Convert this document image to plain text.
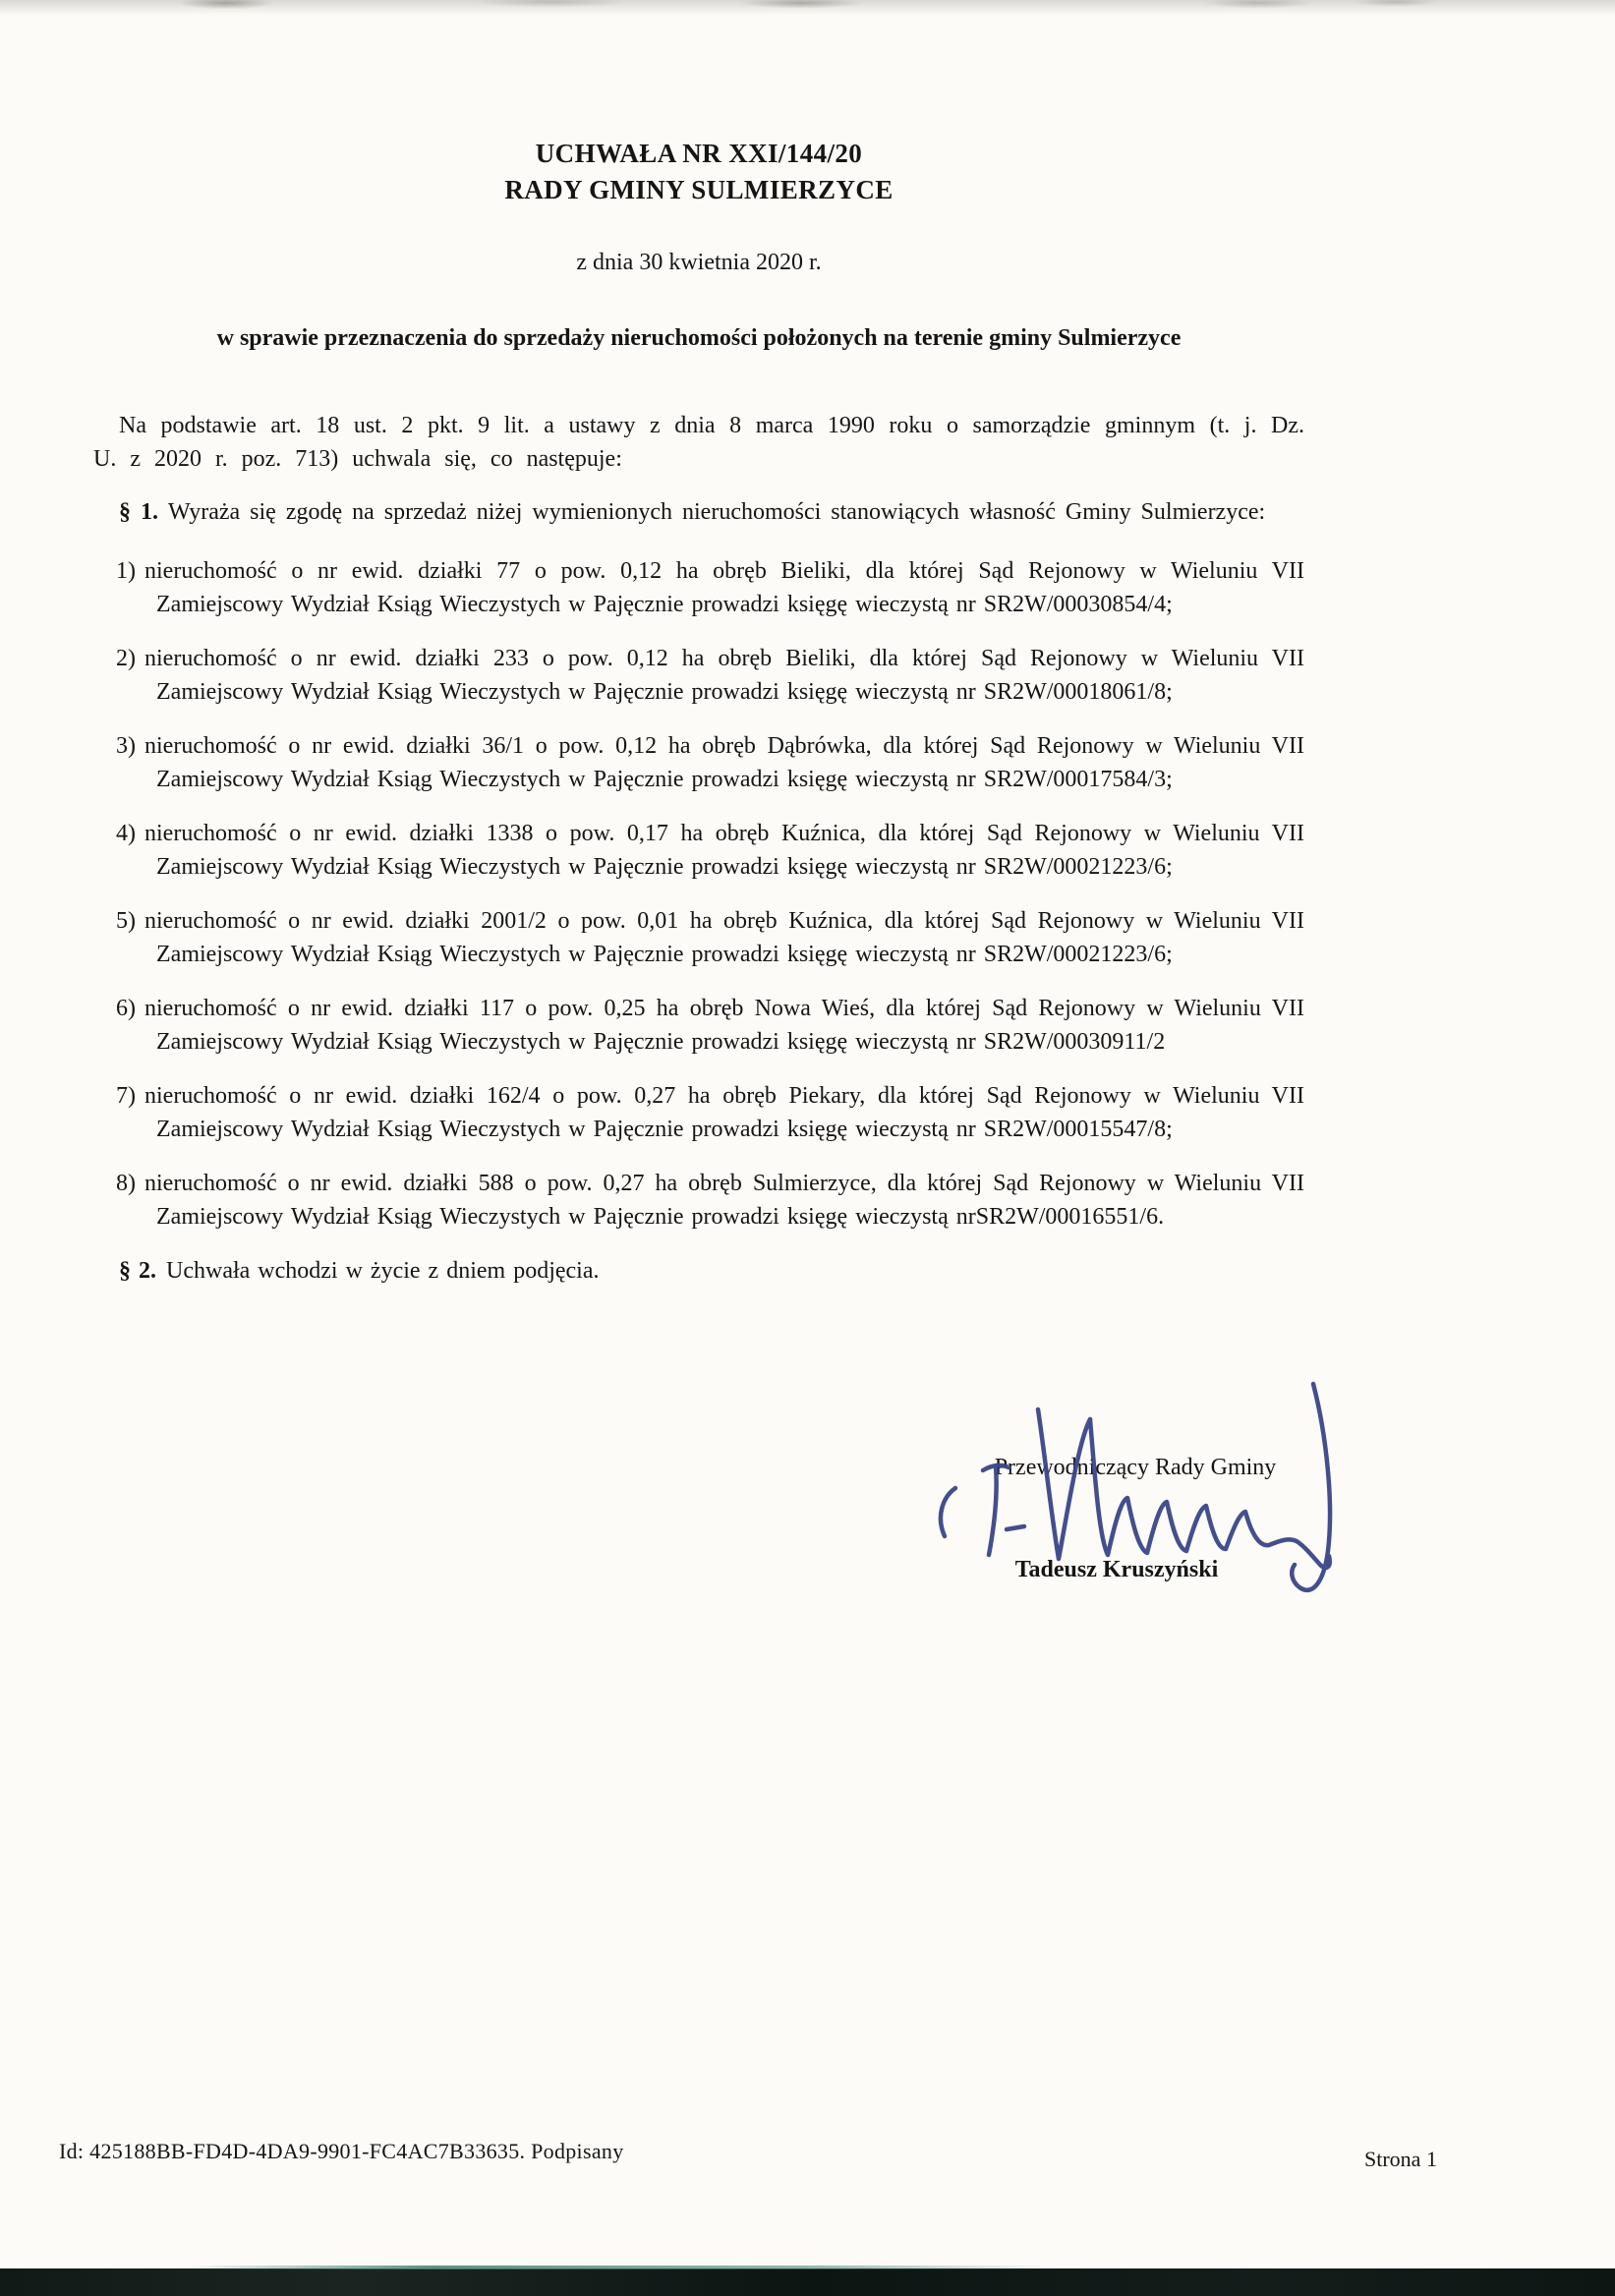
UCHWAŁA NR XXI/144/20
RADY GMINY SULMIERZYCE
z dnia 30 kwietnia 2020 r.
w sprawie przeznaczenia do sprzedaży nieruchomości położonych na terenie gminy Sulmierzyce

Na podstawie art. 18 ust. 2 pkt. 9 lit. a ustawy z dnia 8 marca 1990 roku o samorządzie gminnym (t. j. Dz. U. z 2020 r. poz. 713) uchwala się, co następuje:

§ 1. Wyraża się zgodę na sprzedaż niżej wymienionych nieruchomości stanowiących własność Gminy Sulmierzyce:

1) nieruchomość o nr ewid. działki 77 o pow. 0,12 ha obręb Bieliki, dla której Sąd Rejonowy w Wieluniu VII Zamiejscowy Wydział Ksiąg Wieczystych w Pajęcznie prowadzi księgę wieczystą nr SR2W/00030854/4;
2) nieruchomość o nr ewid. działki 233 o pow. 0,12 ha obręb Bieliki, dla której Sąd Rejonowy w Wieluniu VII Zamiejscowy Wydział Ksiąg Wieczystych w Pajęcznie prowadzi księgę wieczystą nr SR2W/00018061/8;
3) nieruchomość o nr ewid. działki 36/1 o pow. 0,12 ha obręb Dąbrówka, dla której Sąd Rejonowy w Wieluniu VII Zamiejscowy Wydział Ksiąg Wieczystych w Pajęcznie prowadzi księgę wieczystą nr SR2W/00017584/3;
4) nieruchomość o nr ewid. działki 1338 o pow. 0,17 ha obręb Kuźnica, dla której Sąd Rejonowy w Wieluniu VII Zamiejscowy Wydział Ksiąg Wieczystych w Pajęcznie prowadzi księgę wieczystą nr SR2W/00021223/6;
5) nieruchomość o nr ewid. działki 2001/2 o pow. 0,01 ha obręb Kuźnica, dla której Sąd Rejonowy w Wieluniu VII Zamiejscowy Wydział Ksiąg Wieczystych w Pajęcznie prowadzi księgę wieczystą nr SR2W/00021223/6;
6) nieruchomość o nr ewid. działki 117 o pow. 0,25 ha obręb Nowa Wieś, dla której Sąd Rejonowy w Wieluniu VII Zamiejscowy Wydział Ksiąg Wieczystych w Pajęcznie prowadzi księgę wieczystą nr SR2W/00030911/2
7) nieruchomość o nr ewid. działki 162/4 o pow. 0,27 ha obręb Piekary, dla której Sąd Rejonowy w Wieluniu VII Zamiejscowy Wydział Ksiąg Wieczystych w Pajęcznie prowadzi księgę wieczystą nr SR2W/00015547/8;
8) nieruchomość o nr ewid. działki 588 o pow. 0,27 ha obręb Sulmierzyce, dla której Sąd Rejonowy w Wieluniu VII Zamiejscowy Wydział Ksiąg Wieczystych w Pajęcznie prowadzi księgę wieczystą nrSR2W/00016551/6.

§ 2. Uchwała wchodzi w życie z dniem podjęcia.

Przewodniczący Rady Gminy
Tadeusz Kruszyński
Id: 425188BB-FD4D-4DA9-9901-FC4AC7B33635. Podpisany	Strona 1
